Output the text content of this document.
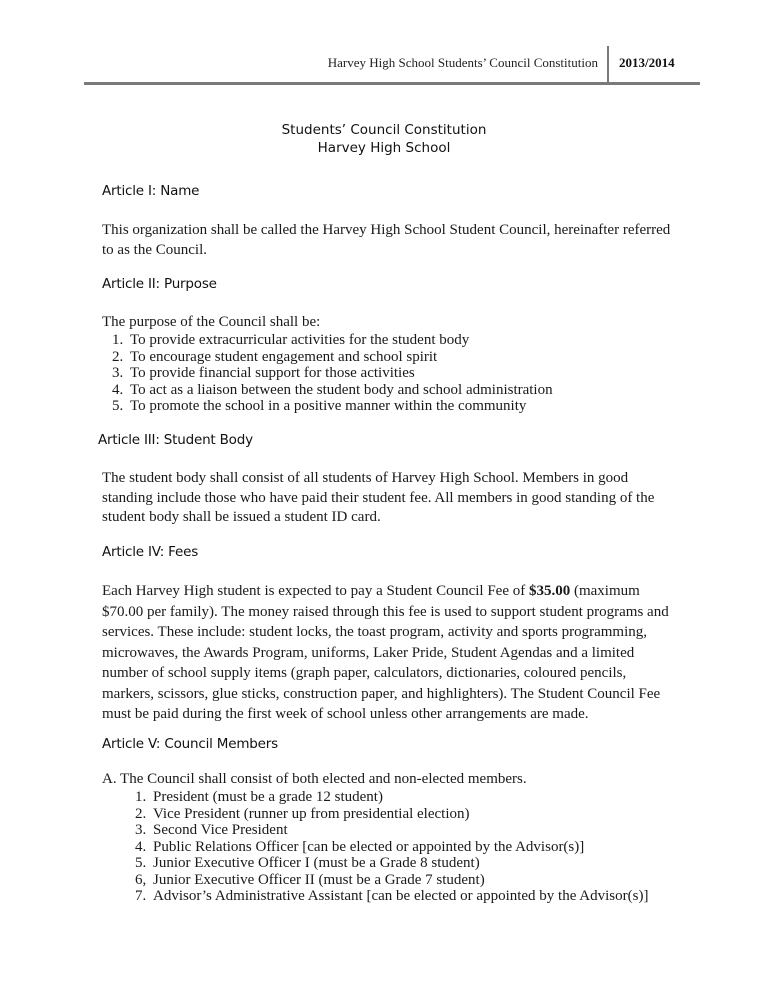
Harvey High School Students’ Council Constitution 2013/2014
Students’ Council Constitution
Harvey High School
Article I: Name
This organization shall be called the Harvey High School Student Council, hereinafter referred to as the Council.
Article II: Purpose
The purpose of the Council shall be:
1. To provide extracurricular activities for the student body
2. To encourage student engagement and school spirit
3. To provide financial support for those activities
4. To act as a liaison between the student body and school administration
5. To promote the school in a positive manner within the community
Article III: Student Body
The student body shall consist of all students of Harvey High School. Members in good standing include those who have paid their student fee. All members in good standing of the student body shall be issued a student ID card.
Article IV: Fees
Each Harvey High student is expected to pay a Student Council Fee of $35.00 (maximum $70.00 per family). The money raised through this fee is used to support student programs and services. These include: student locks, the toast program, activity and sports programming, microwaves, the Awards Program, uniforms, Laker Pride, Student Agendas and a limited number of school supply items (graph paper, calculators, dictionaries, coloured pencils, markers, scissors, glue sticks, construction paper, and highlighters). The Student Council Fee must be paid during the first week of school unless other arrangements are made.
Article V: Council Members
A. The Council shall consist of both elected and non-elected members.
1. President (must be a grade 12 student)
2. Vice President (runner up from presidential election)
3. Second Vice President
4. Public Relations Officer [can be elected or appointed by the Advisor(s)]
5. Junior Executive Officer I (must be a Grade 8 student)
6, Junior Executive Officer II (must be a Grade 7 student)
7. Advisor’s Administrative Assistant [can be elected or appointed by the Advisor(s)]
